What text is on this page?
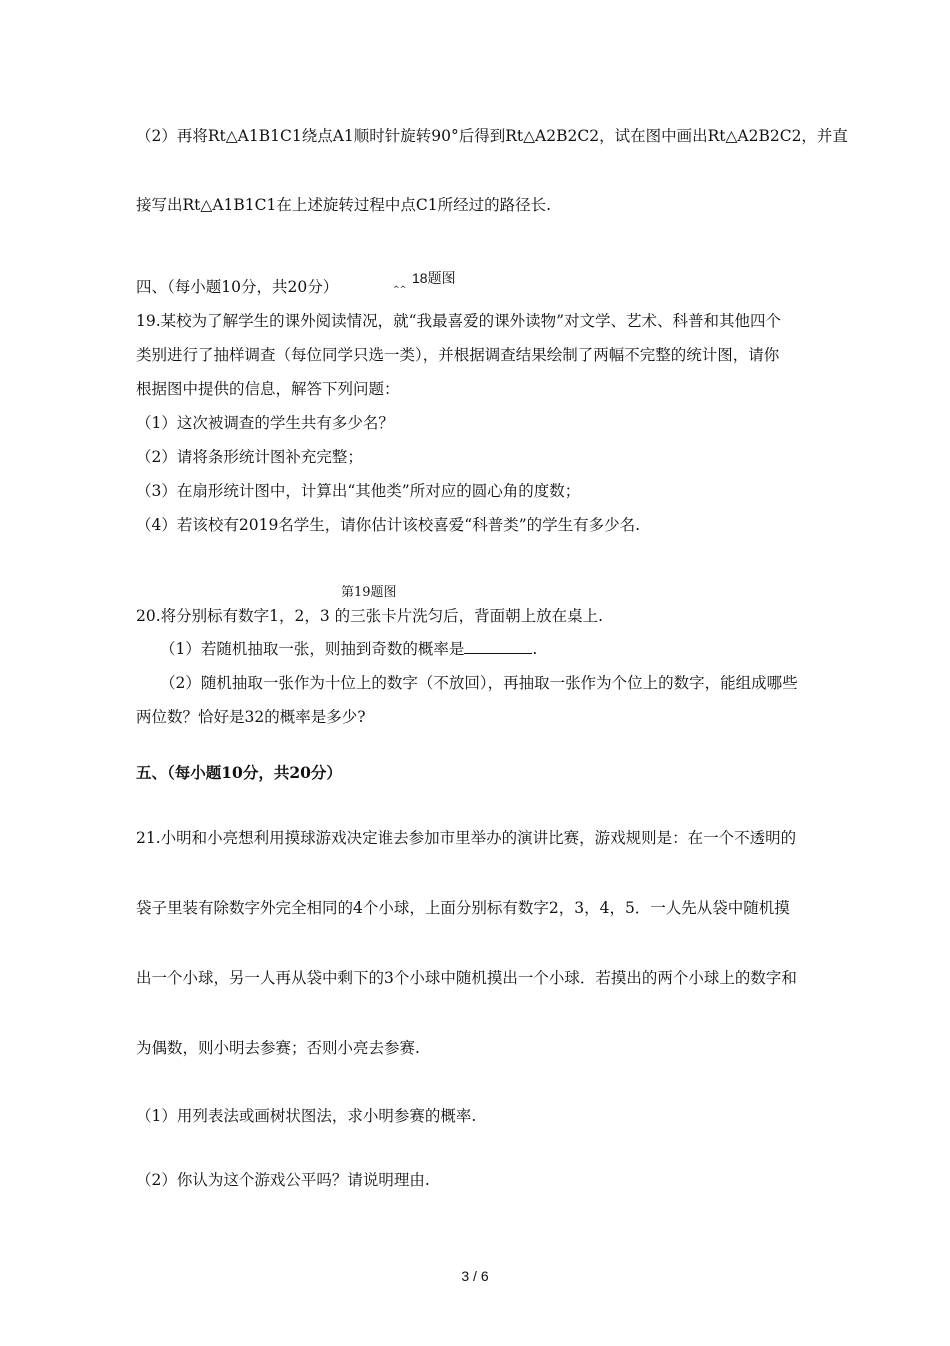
（2）再将Rt△A1B1C1绕点A1顺时针旋转90°后得到Rt△A2B2C2，试在图中画出Rt△A2B2C2，并直
接写出Rt△A1B1C1在上述旋转过程中点C1所经过的路径长.
四、（每小题10分，共20分）	^^
18题图
19.某校为了解学生的课外阅读情况，就“我最喜爱的课外读物”对文学、艺术、科普和其他四个
类别进行了抽样调查（每位同学只选一类），并根据调查结果绘制了两幅不完整的统计图，请你
根据图中提供的信息，解答下列问题：
（1）这次被调查的学生共有多少名？
（2）请将条形统计图补充完整；
（3）在扇形统计图中，计算出“其他类”所对应的圆心角的度数；
（4）若该校有2019名学生，请你估计该校喜爱“科普类”的学生有多少名.
第19题图
20.将分别标有数字1，2，3 的三张卡片洗匀后，背面朝上放在桌上.
（1）若随机抽取一张，则抽到奇数的概率是	.
（2）随机抽取一张作为十位上的数字（不放回），再抽取一张作为个位上的数字，能组成哪些
两位数？恰好是32的概率是多少?
五、（每小题10分，共20分）
21.小明和小亮想利用摸球游戏决定谁去参加市里举办的演讲比赛，游戏规则是：在一个不透明的
袋子里装有除数字外完全相同的4个小球，上面分别标有数字2，3，4，5．一人先从袋中随机摸
出一个小球，另一人再从袋中剩下的3个小球中随机摸出一个小球．若摸出的两个小球上的数字和
为偶数，则小明去参赛；否则小亮去参赛.
（1）用列表法或画树状图法，求小明参赛的概率.
（2）你认为这个游戏公平吗？请说明理由.
3 / 6
